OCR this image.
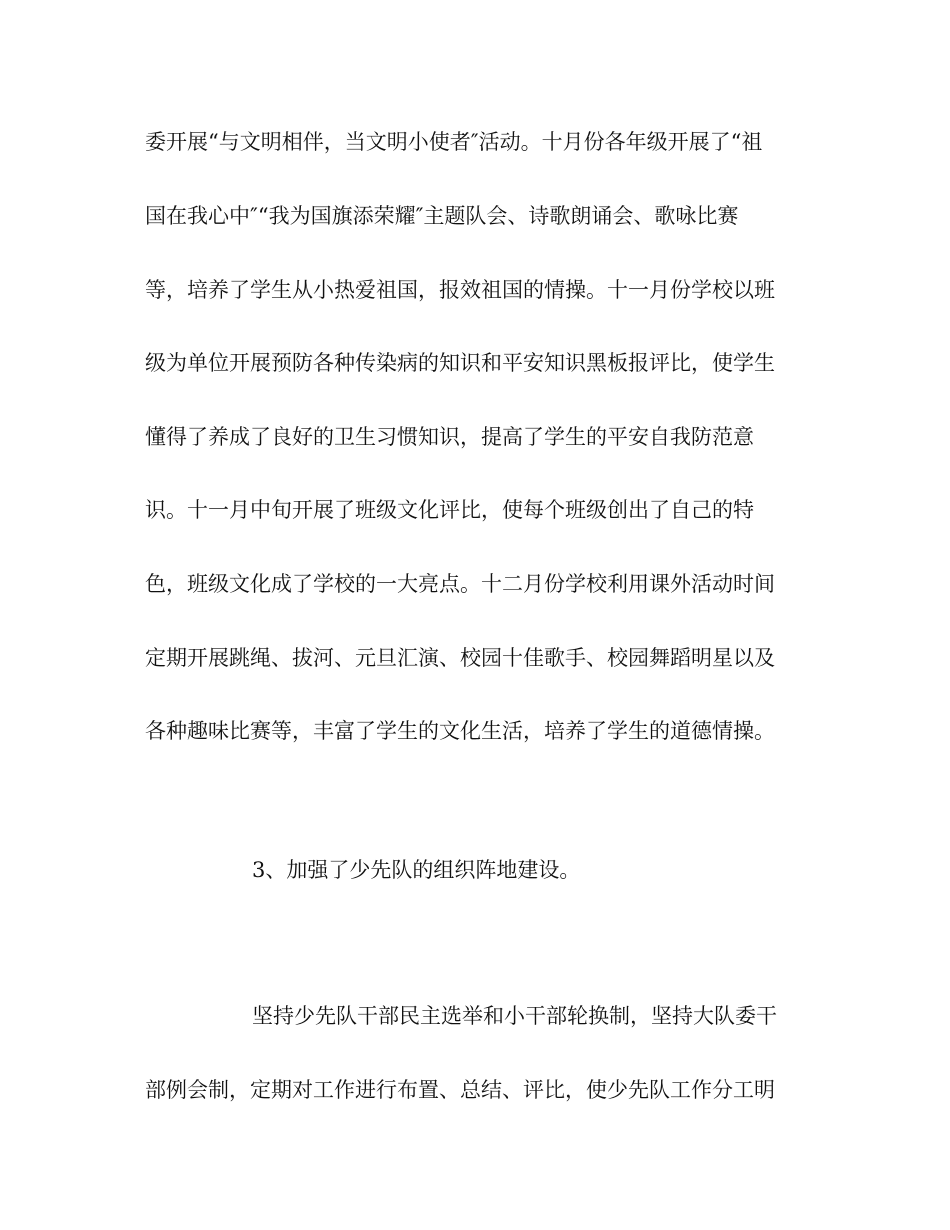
委开展“与文明相伴，当文明小使者″活动。十月份各年级开展了“祖
国在我心中″“我为国旗添荣耀″主题队会、诗歌朗诵会、歌咏比赛
等，培养了学生从小热爱祖国，报效祖国的情操。十一月份学校以班
级为单位开展预防各种传染病的知识和平安知识黑板报评比，使学生
懂得了养成了良好的卫生习惯知识，提高了学生的平安自我防范意
识。十一月中旬开展了班级文化评比，使每个班级创出了自己的特
色，班级文化成了学校的一大亮点。十二月份学校利用课外活动时间
定期开展跳绳、拔河、元旦汇演、校园十佳歌手、校园舞蹈明星以及
各种趣味比赛等，丰富了学生的文化生活，培养了学生的道德情操。
3、加强了少先队的组织阵地建设。
坚持少先队干部民主选举和小干部轮换制，坚持大队委干
部例会制，定期对工作进行布置、总结、评比，使少先队工作分工明
